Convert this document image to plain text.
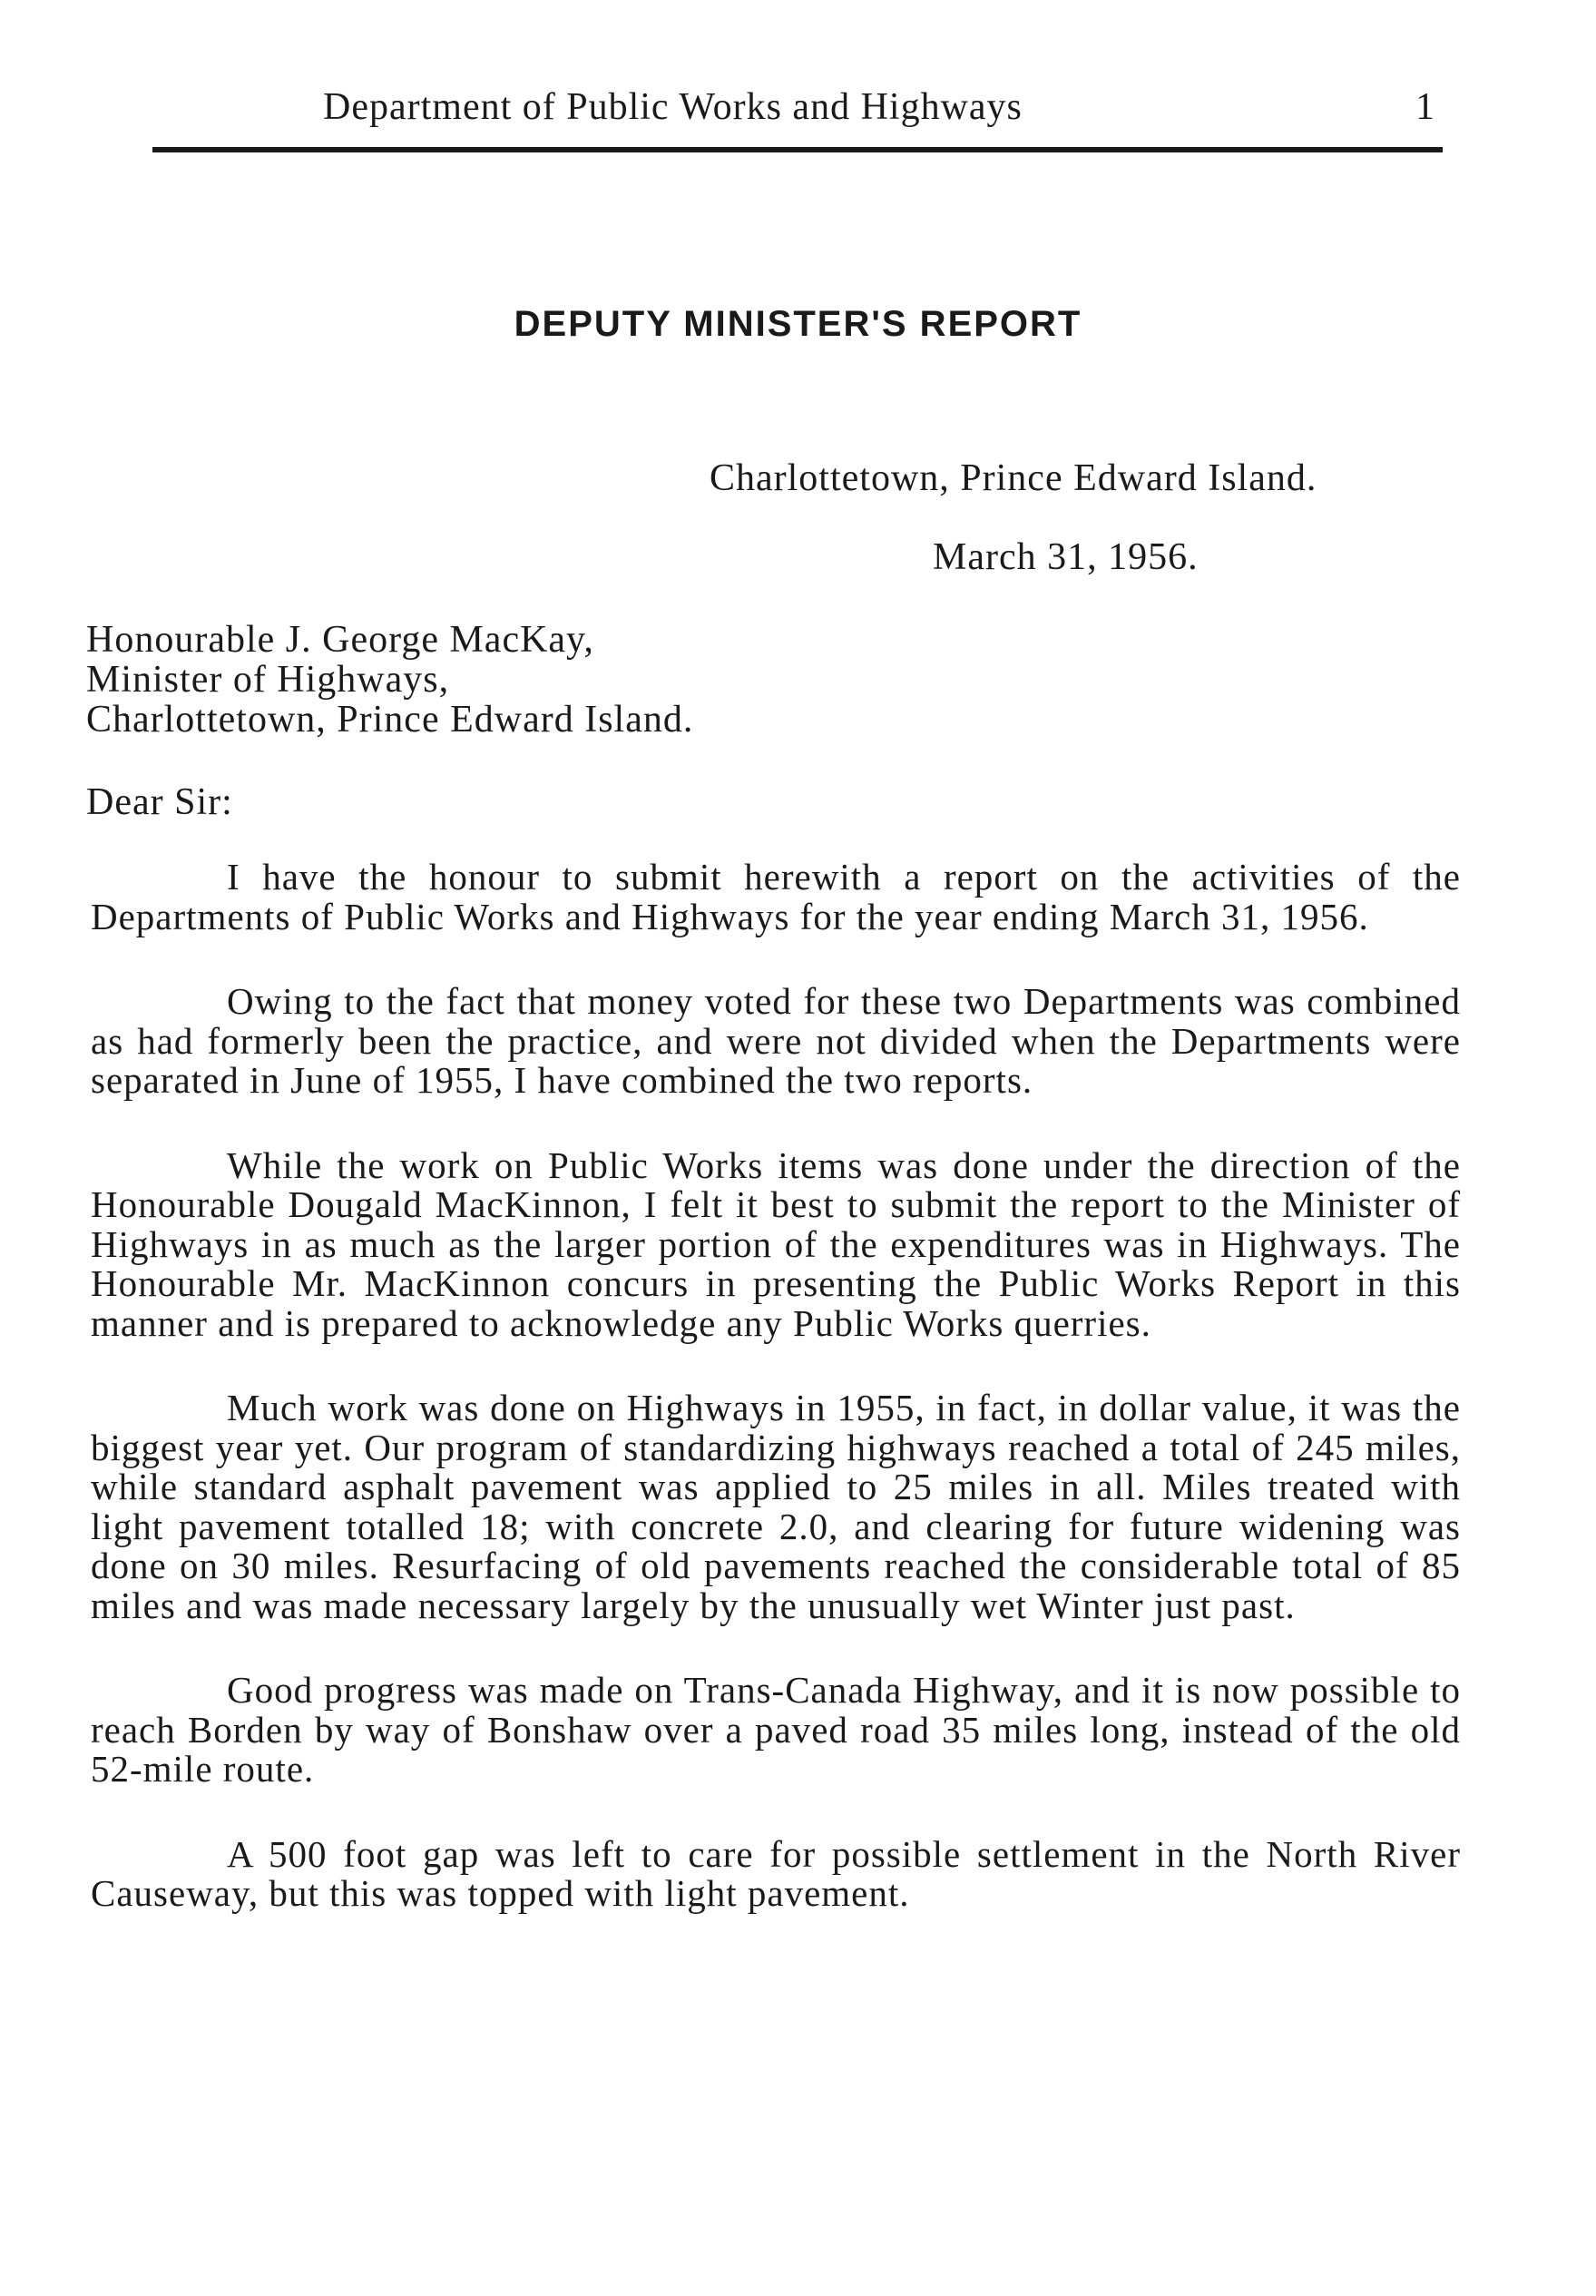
Department of Public Works and Highways	1
DEPUTY MINISTER'S REPORT
Charlottetown, Prince Edward Island.
March 31, 1956.
Honourable J. George MacKay,
Minister of Highways,
Charlottetown, Prince Edward Island.
Dear Sir:

I have the honour to submit herewith a report on the activities of the Departments of Public Works and Highways for the year ending March 31, 1956.

Owing to the fact that money voted for these two Departments was combined as had formerly been the practice, and were not divided when the Departments were separated in June of 1955, I have combined the two reports.

While the work on Public Works items was done under the direction of the Honourable Dougald MacKinnon, I felt it best to submit the report to the Minister of Highways in as much as the larger portion of the expenditures was in Highways. The Honourable Mr. MacKinnon concurs in presenting the Public Works Report in this manner and is prepared to acknowledge any Public Works querries.

Much work was done on Highways in 1955, in fact, in dollar value, it was the biggest year yet. Our program of standardizing highways reached a total of 245 miles, while standard asphalt pavement was applied to 25 miles in all. Miles treated with light pavement totalled 18; with concrete 2.0, and clearing for future widening was done on 30 miles. Resurfacing of old pavements reached the considerable total of 85 miles and was made necessary largely by the unusually wet Winter just past.

Good progress was made on Trans-Canada Highway, and it is now possible to reach Borden by way of Bonshaw over a paved road 35 miles long, instead of the old 52-mile route.

A 500 foot gap was left to care for possible settlement in the North River Causeway, but this was topped with light pavement.
